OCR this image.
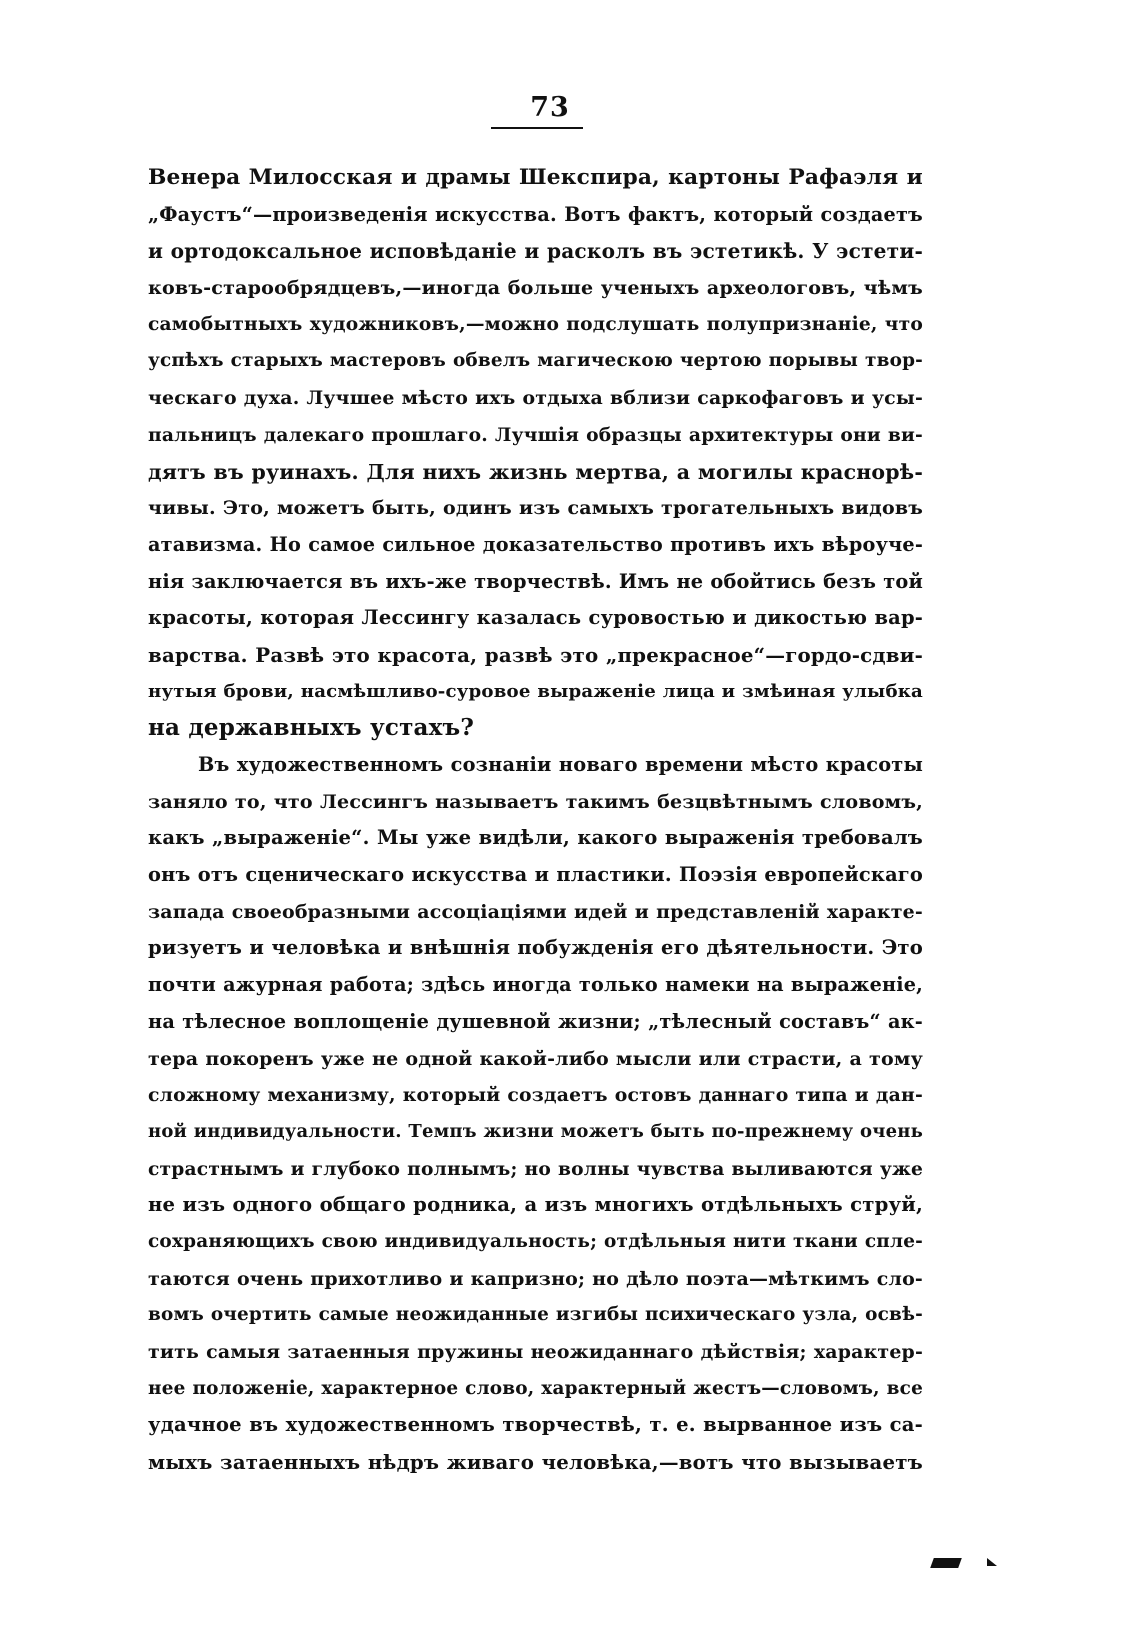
73
Венера Милосская и драмы Шекспира, картоны Рафаэля и
„Фаустъ“—произведенія искусства. Вотъ фактъ, который создаетъ
и ортодоксальное исповѣданіе и расколъ въ эстетикѣ. У эстети-
ковъ-старообрядцевъ,—иногда больше ученыхъ археологовъ, чѣмъ
самобытныхъ художниковъ,—можно подслушать полупризнаніе, что
успѣхъ старыхъ мастеровъ обвелъ магическою чертою порывы твор-
ческаго духа. Лучшее мѣсто ихъ отдыха вблизи саркофаговъ и усы-
пальницъ далекаго прошлаго. Лучшія образцы архитектуры они ви-
дятъ въ руинахъ. Для нихъ жизнь мертва, а могилы краснорѣ-
чивы. Это, можетъ быть, одинъ изъ самыхъ трогательныхъ видовъ
атавизма. Но самое сильное доказательство противъ ихъ вѣроуче-
нія заключается въ ихъ-же творчествѣ. Имъ не обойтись безъ той
красоты, которая Лессингу казалась суровостью и дикостью вар-
варства. Развѣ это красота, развѣ это „прекрасное“—гордо-сдви-
нутыя брови, насмѣшливо-суровое выраженіе лица и змѣиная улыбка
на державныхъ устахъ?
Въ художественномъ сознаніи новаго времени мѣсто красоты
заняло то, что Лессингъ называетъ такимъ безцвѣтнымъ словомъ,
какъ „выраженіе“. Мы уже видѣли, какого выраженія требовалъ
онъ отъ сценическаго искусства и пластики. Поэзія европейскаго
запада своеобразными ассоціаціями идей и представленій характе-
ризуетъ и человѣка и внѣшнія побужденія его дѣятельности. Это
почти ажурная работа; здѣсь иногда только намеки на выраженіе,
на тѣлесное воплощеніе душевной жизни; „тѣлесный составъ“ ак-
тера покоренъ уже не одной какой-либо мысли или страсти, а тому
сложному механизму, который создаетъ остовъ даннаго типа и дан-
ной индивидуальности. Темпъ жизни можетъ быть по-прежнему очень
страстнымъ и глубоко полнымъ; но волны чувства выливаются уже
не изъ одного общаго родника, а изъ многихъ отдѣльныхъ струй,
сохраняющихъ свою индивидуальность; отдѣльныя нити ткани спле-
таются очень прихотливо и капризно; но дѣло поэта—мѣткимъ сло-
вомъ очертить самые неожиданные изгибы психическаго узла, освѣ-
тить самыя затаенныя пружины неожиданнаго дѣйствія; характер-
нее положеніе, характерное слово, характерный жестъ—словомъ, все
удачное въ художественномъ творчествѣ, т. е. вырванное изъ са-
мыхъ затаенныхъ нѣдръ живаго человѣка,—вотъ что вызываетъ
